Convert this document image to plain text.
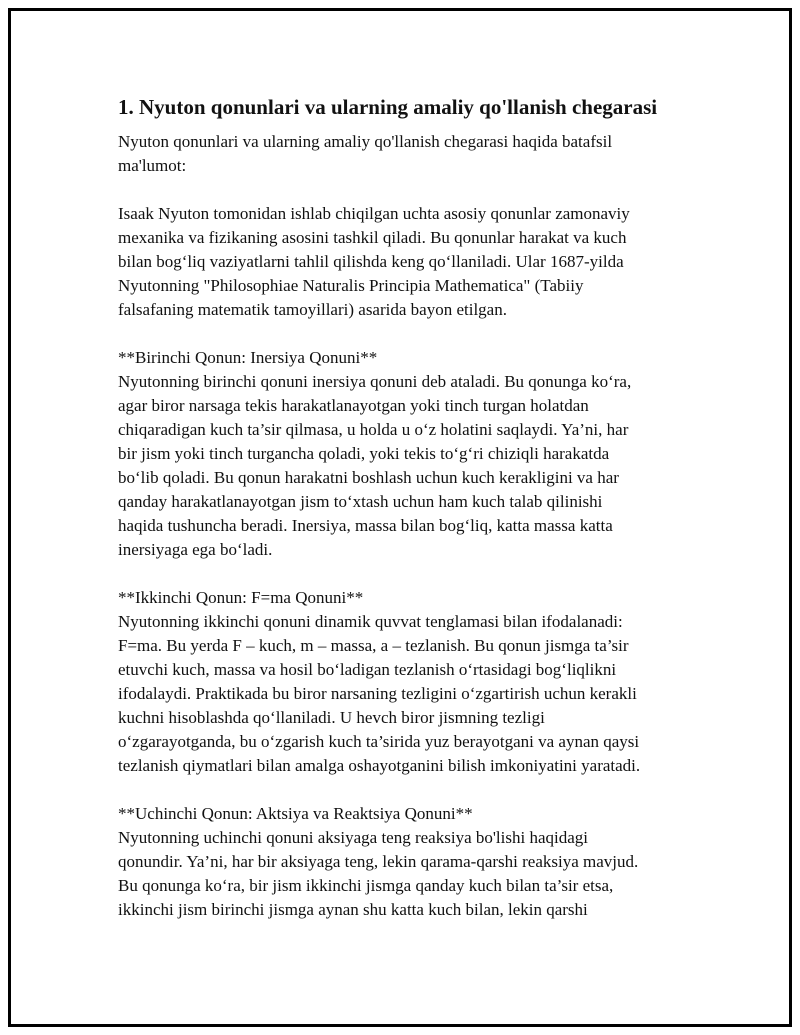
1. Nyuton qonunlari va ularning amaliy qo'llanish chegarasi
Nyuton qonunlari va ularning amaliy qo'llanish chegarasi haqida batafsil
ma'lumot:
Isaak Nyuton tomonidan ishlab chiqilgan uchta asosiy qonunlar zamonaviy
mexanika va fizikaning asosini tashkil qiladi. Bu qonunlar harakat va kuch
bilan bog‘liq vaziyatlarni tahlil qilishda keng qo‘llaniladi. Ular 1687-yilda
Nyutonning "Philosophiae Naturalis Principia Mathematica" (Tabiiy
falsafaning matematik tamoyillari) asarida bayon etilgan.
**Birinchi Qonun: Inersiya Qonuni**
Nyutonning birinchi qonuni inersiya qonuni deb ataladi. Bu qonunga ko‘ra,
agar biror narsaga tekis harakatlanayotgan yoki tinch turgan holatdan
chiqaradigan kuch ta’sir qilmasa, u holda u o‘z holatini saqlaydi. Ya’ni, har
bir jism yoki tinch turgancha qoladi, yoki tekis to‘g‘ri chiziqli harakatda
bo‘lib qoladi. Bu qonun harakatni boshlash uchun kuch kerakligini va har
qanday harakatlanayotgan jism to‘xtash uchun ham kuch talab qilinishi
haqida tushuncha beradi. Inersiya, massa bilan bog‘liq, katta massa katta
inersiyaga ega bo‘ladi.
**Ikkinchi Qonun: F=ma Qonuni**
Nyutonning ikkinchi qonuni dinamik quvvat tenglamasi bilan ifodalanadi:
F=ma. Bu yerda F – kuch, m – massa, a – tezlanish. Bu qonun jismga ta’sir
etuvchi kuch, massa va hosil bo‘ladigan tezlanish o‘rtasidagi bog‘liqlikni
ifodalaydi. Praktikada bu biror narsaning tezligini o‘zgartirish uchun kerakli
kuchni hisoblashda qo‘llaniladi. U hevch biror jismning tezligi
o‘zgarayotganda, bu o‘zgarish kuch ta’sirida yuz berayotgani va aynan qaysi
tezlanish qiymatlari bilan amalga oshayotganini bilish imkoniyatini yaratadi.
**Uchinchi Qonun: Aktsiya va Reaktsiya Qonuni**
Nyutonning uchinchi qonuni aksiyaga teng reaksiya bo'lishi haqidagi
qonundir. Ya’ni, har bir aksiyaga teng, lekin qarama-qarshi reaksiya mavjud.
Bu qonunga ko‘ra, bir jism ikkinchi jismga qanday kuch bilan ta’sir etsa,
ikkinchi jism birinchi jismga aynan shu katta kuch bilan, lekin qarshi
